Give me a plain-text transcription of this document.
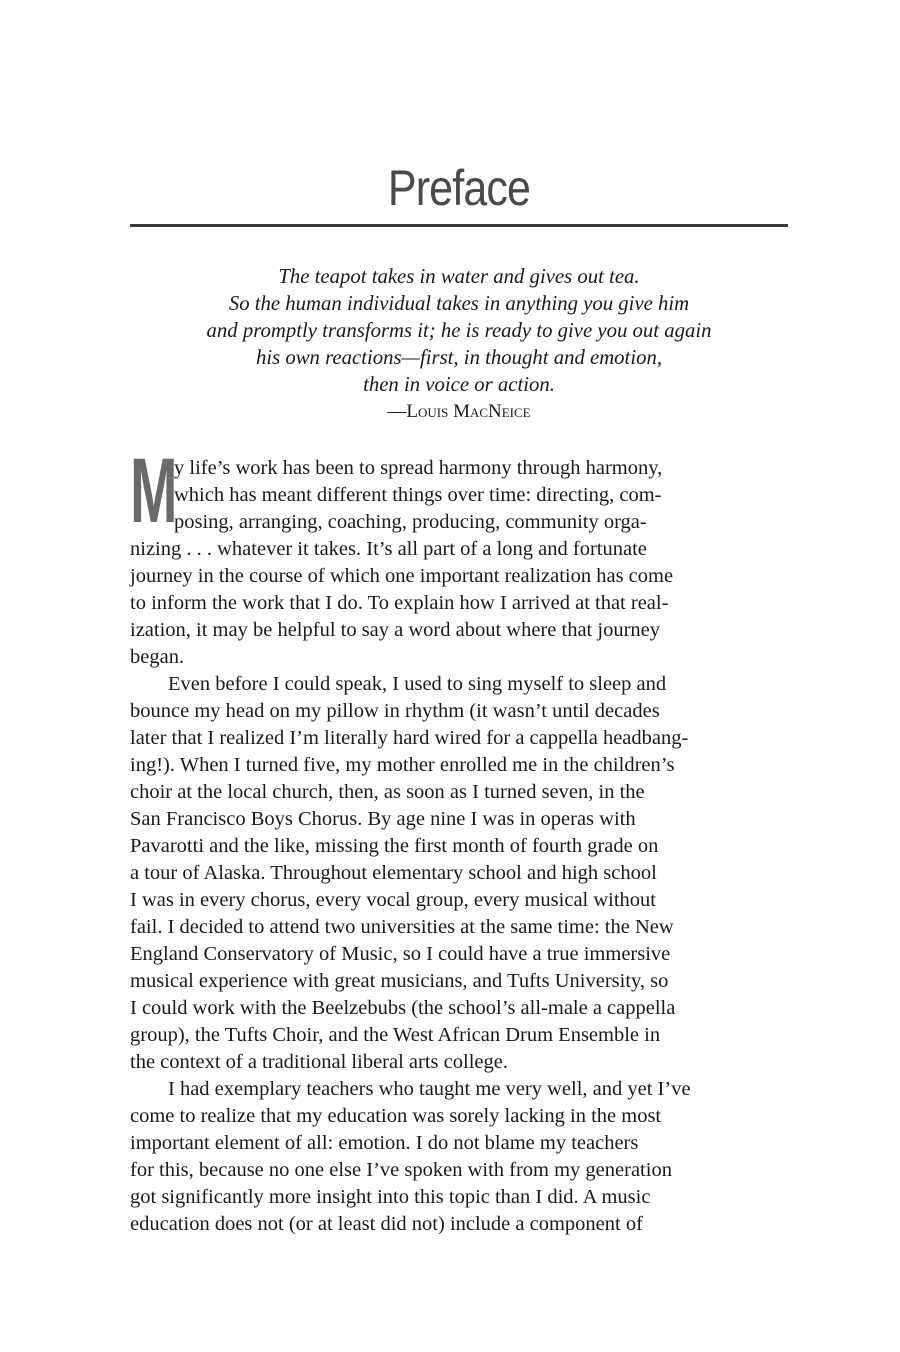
Preface
The teapot takes in water and gives out tea.
So the human individual takes in anything you give him
and promptly transforms it; he is ready to give you out again
his own reactions—first, in thought and emotion,
then in voice or action.
—Louis MacNeice
M
y life’s work has been to spread harmony through harmony,
which has meant different things over time: directing, com-
posing, arranging, coaching, producing, community orga-
nizing . . . whatever it takes. It’s all part of a long and fortunate
journey in the course of which one important realization has come
to inform the work that I do. To explain how I arrived at that real-
ization, it may be helpful to say a word about where that journey
began.
Even before I could speak, I used to sing myself to sleep and
bounce my head on my pillow in rhythm (it wasn’t until decades
later that I realized I’m literally hard wired for a cappella headbang-
ing!). When I turned five, my mother enrolled me in the children’s
choir at the local church, then, as soon as I turned seven, in the
San Francisco Boys Chorus. By age nine I was in operas with
Pavarotti and the like, missing the first month of fourth grade on
a tour of Alaska. Throughout elementary school and high school
I was in every chorus, every vocal group, every musical without
fail. I decided to attend two universities at the same time: the New
England Conservatory of Music, so I could have a true immersive
musical experience with great musicians, and Tufts University, so
I could work with the Beelzebubs (the school’s all-male a cappella
group), the Tufts Choir, and the West African Drum Ensemble in
the context of a traditional liberal arts college.
I had exemplary teachers who taught me very well, and yet I’ve
come to realize that my education was sorely lacking in the most
important element of all: emotion. I do not blame my teachers
for this, because no one else I’ve spoken with from my generation
got significantly more insight into this topic than I did. A music
education does not (or at least did not) include a component of
